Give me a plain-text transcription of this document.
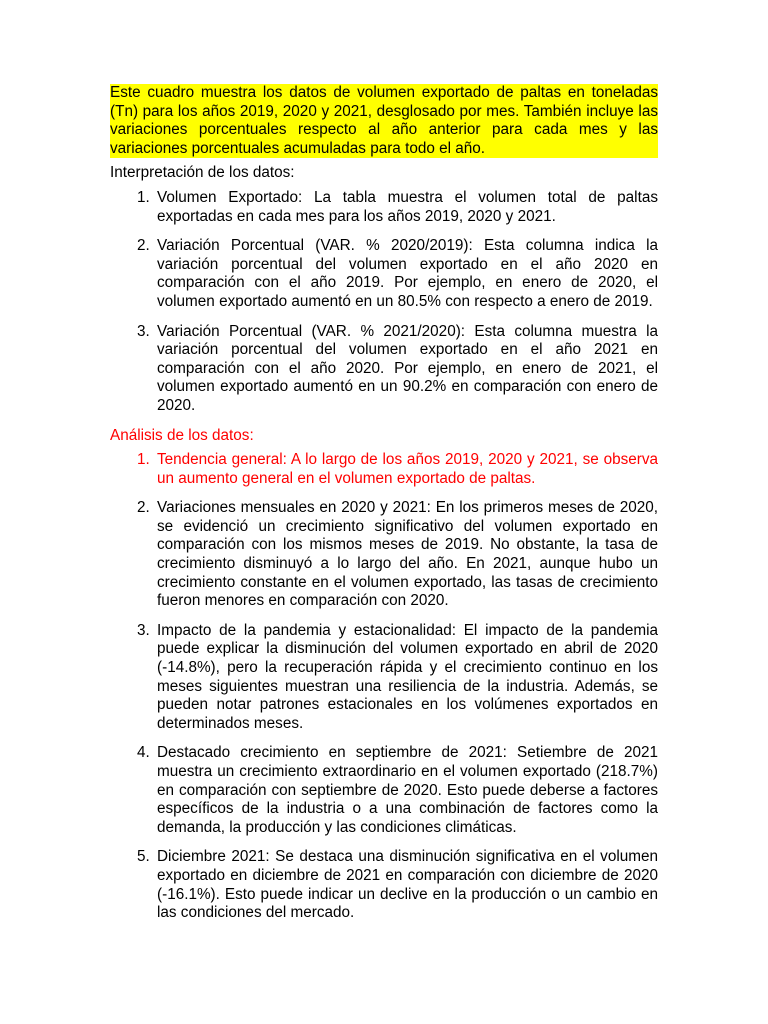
Este cuadro muestra los datos de volumen exportado de paltas en toneladas (Tn) para los años 2019, 2020 y 2021, desglosado por mes. También incluye las variaciones porcentuales respecto al año anterior para cada mes y las variaciones porcentuales acumuladas para todo el año.

Interpretación de los datos:

1. Volumen Exportado: La tabla muestra el volumen total de paltas exportadas en cada mes para los años 2019, 2020 y 2021.
2. Variación Porcentual (VAR. % 2020/2019): Esta columna indica la variación porcentual del volumen exportado en el año 2020 en comparación con el año 2019. Por ejemplo, en enero de 2020, el volumen exportado aumentó en un 80.5% con respecto a enero de 2019.
3. Variación Porcentual (VAR. % 2021/2020): Esta columna muestra la variación porcentual del volumen exportado en el año 2021 en comparación con el año 2020. Por ejemplo, en enero de 2021, el volumen exportado aumentó en un 90.2% en comparación con enero de 2020.

Análisis de los datos:

1. Tendencia general: A lo largo de los años 2019, 2020 y 2021, se observa un aumento general en el volumen exportado de paltas.
2. Variaciones mensuales en 2020 y 2021: En los primeros meses de 2020, se evidenció un crecimiento significativo del volumen exportado en comparación con los mismos meses de 2019. No obstante, la tasa de crecimiento disminuyó a lo largo del año. En 2021, aunque hubo un crecimiento constante en el volumen exportado, las tasas de crecimiento fueron menores en comparación con 2020.
3. Impacto de la pandemia y estacionalidad: El impacto de la pandemia puede explicar la disminución del volumen exportado en abril de 2020 (-14.8%), pero la recuperación rápida y el crecimiento continuo en los meses siguientes muestran una resiliencia de la industria. Además, se pueden notar patrones estacionales en los volúmenes exportados en determinados meses.
4. Destacado crecimiento en septiembre de 2021: Setiembre de 2021 muestra un crecimiento extraordinario en el volumen exportado (218.7%) en comparación con septiembre de 2020. Esto puede deberse a factores específicos de la industria o a una combinación de factores como la demanda, la producción y las condiciones climáticas.
5. Diciembre 2021: Se destaca una disminución significativa en el volumen exportado en diciembre de 2021 en comparación con diciembre de 2020 (-16.1%). Esto puede indicar un declive en la producción o un cambio en las condiciones del mercado.
